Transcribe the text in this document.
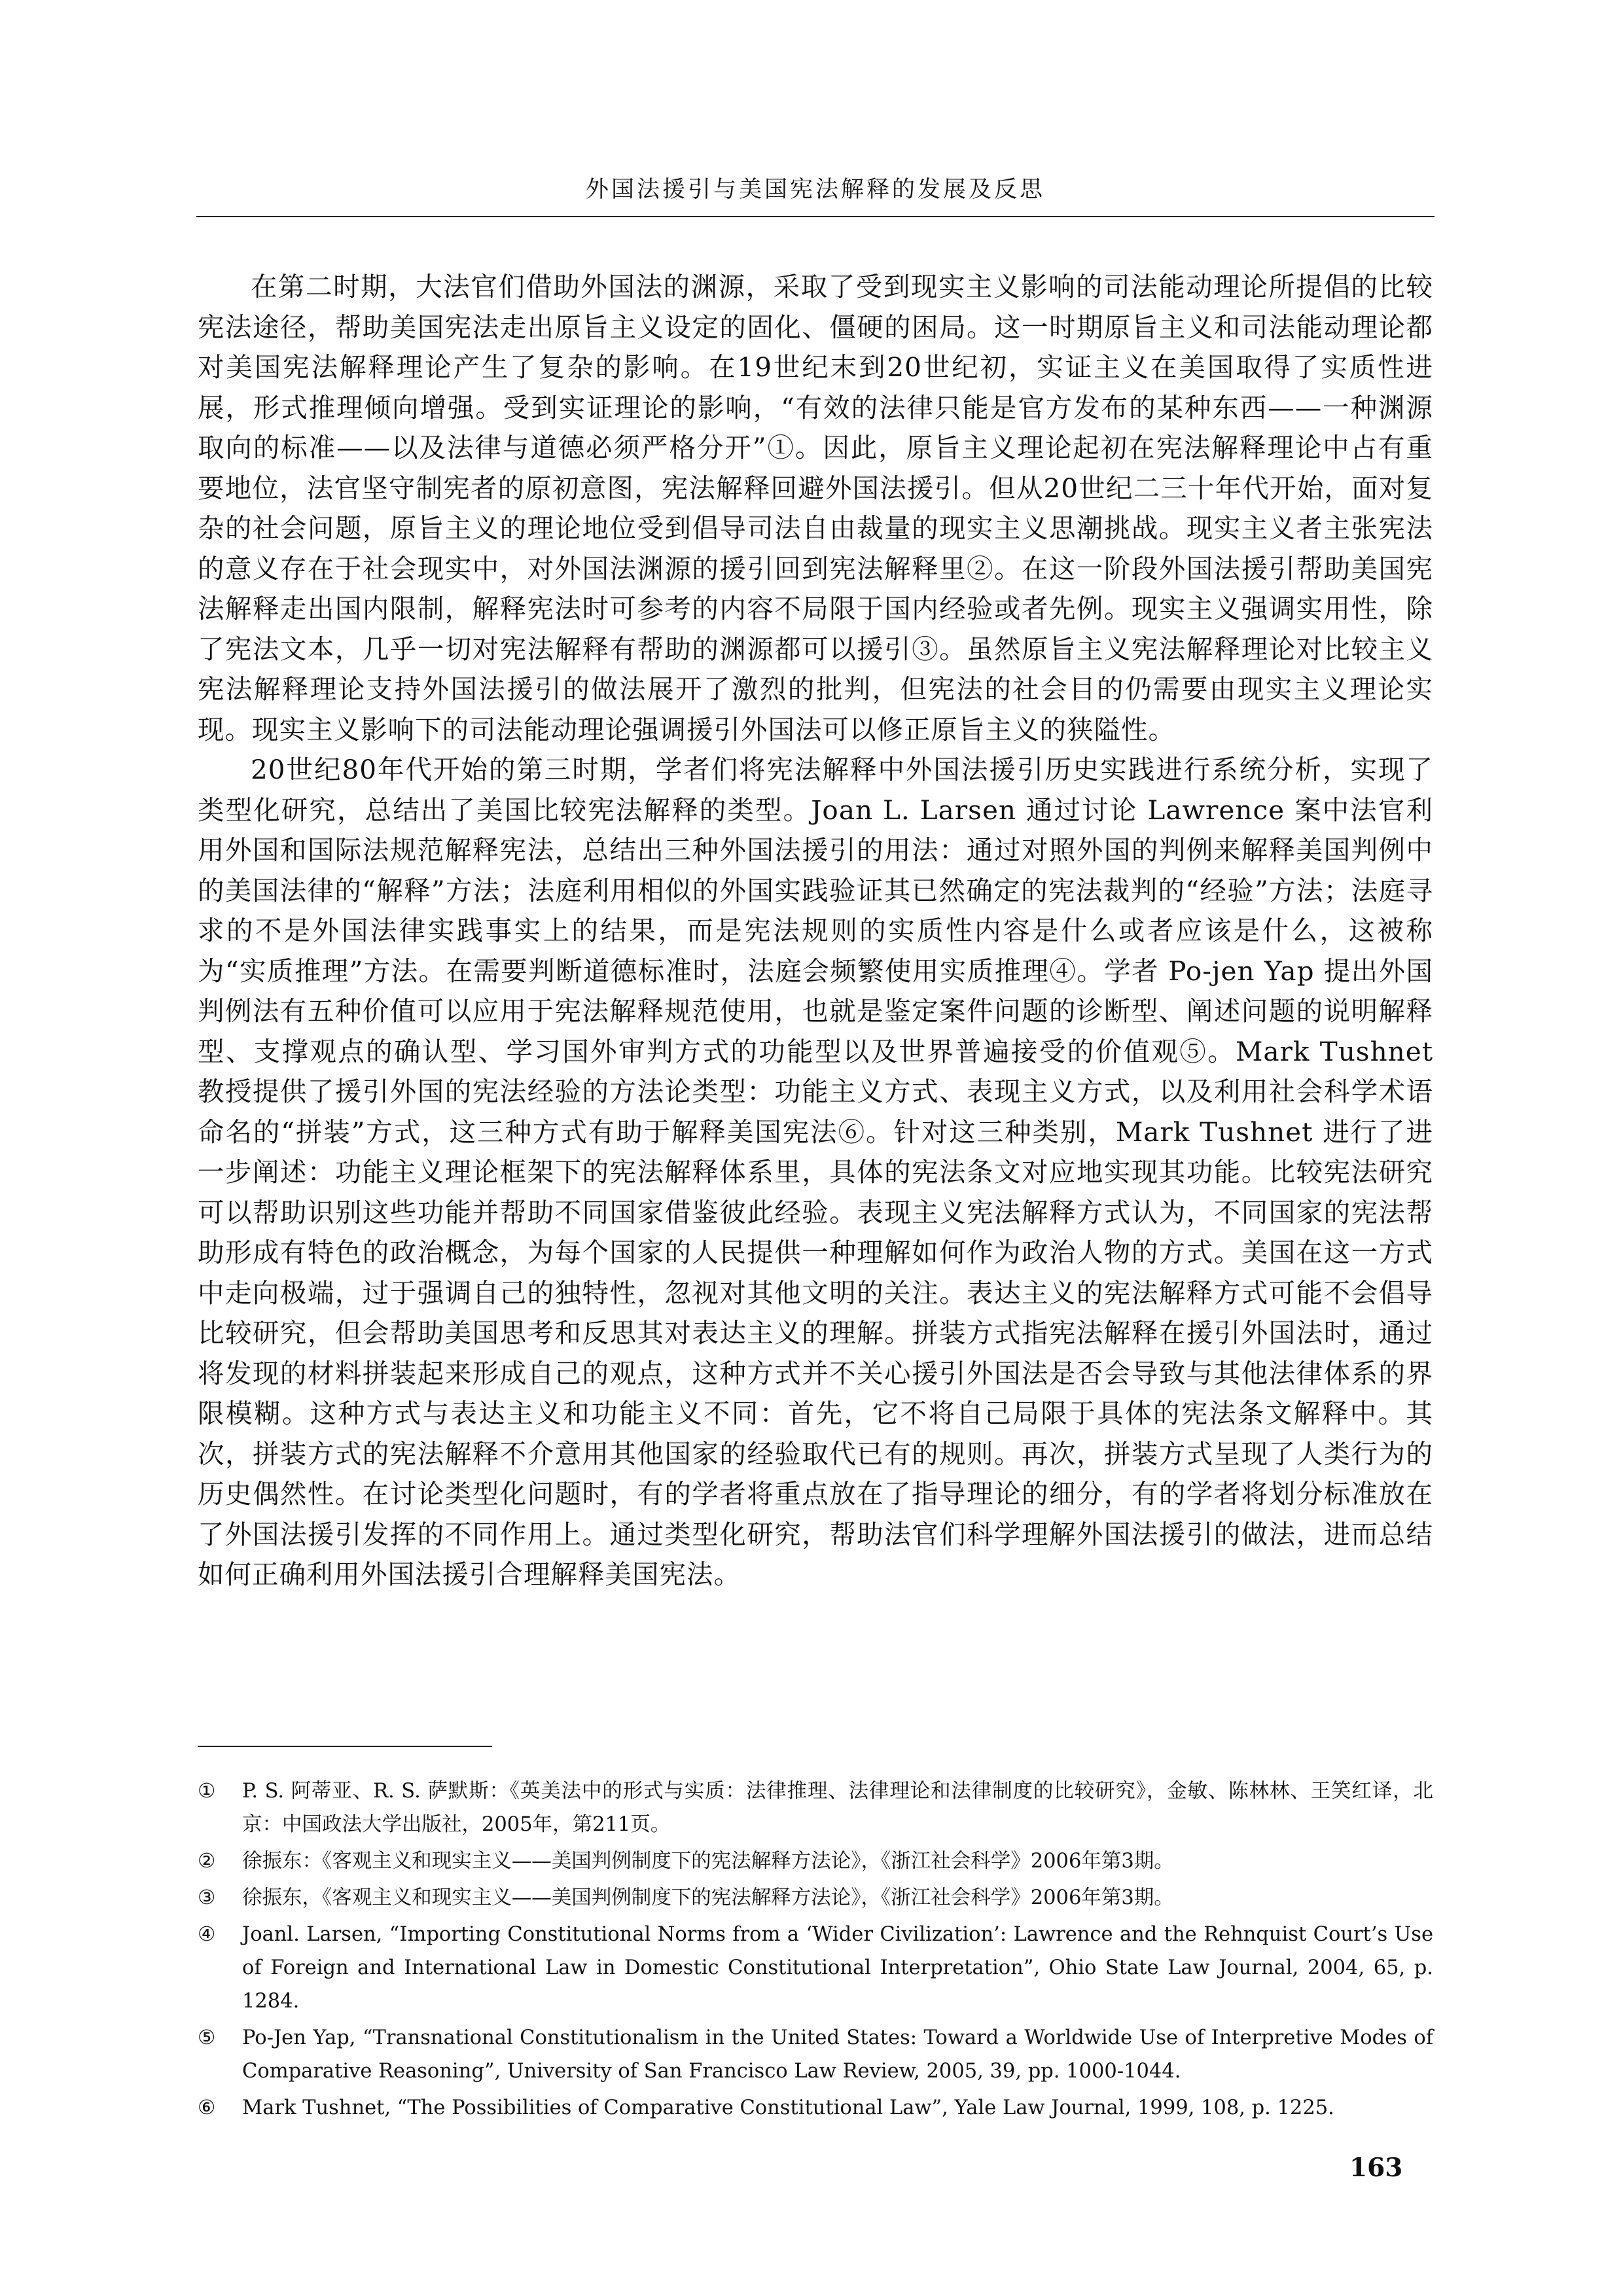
外国法援引与美国宪法解释的发展及反思

在第二时期，大法官们借助外国法的渊源，采取了受到现实主义影响的司法能动理论所提倡的比较宪法途径，帮助美国宪法走出原旨主义设定的固化、僵硬的困局。这一时期原旨主义和司法能动理论都对美国宪法解释理论产生了复杂的影响。在19世纪末到20世纪初，实证主义在美国取得了实质性进展，形式推理倾向增强。受到实证理论的影响，“有效的法律只能是官方发布的某种东西——一种渊源取向的标准——以及法律与道德必须严格分开”①。因此，原旨主义理论起初在宪法解释理论中占有重要地位，法官坚守制宪者的原初意图，宪法解释回避外国法援引。但从20世纪二三十年代开始，面对复杂的社会问题，原旨主义的理论地位受到倡导司法自由裁量的现实主义思潮挑战。现实主义者主张宪法的意义存在于社会现实中，对外国法渊源的援引回到宪法解释里②。在这一阶段外国法援引帮助美国宪法解释走出国内限制，解释宪法时可参考的内容不局限于国内经验或者先例。现实主义强调实用性，除了宪法文本，几乎一切对宪法解释有帮助的渊源都可以援引③。虽然原旨主义宪法解释理论对比较主义宪法解释理论支持外国法援引的做法展开了激烈的批判，但宪法的社会目的仍需要由现实主义理论实现。现实主义影响下的司法能动理论强调援引外国法可以修正原旨主义的狭隘性。

20世纪80年代开始的第三时期，学者们将宪法解释中外国法援引历史实践进行系统分析，实现了类型化研究，总结出了美国比较宪法解释的类型。Joan L. Larsen 通过讨论 Lawrence 案中法官利用外国和国际法规范解释宪法，总结出三种外国法援引的用法：通过对照外国的判例来解释美国判例中的美国法律的“解释”方法；法庭利用相似的外国实践验证其已然确定的宪法裁判的“经验”方法；法庭寻求的不是外国法律实践事实上的结果，而是宪法规则的实质性内容是什么或者应该是什么，这被称为“实质推理”方法。在需要判断道德标准时，法庭会频繁使用实质推理④。学者 Po-jen Yap 提出外国判例法有五种价值可以应用于宪法解释规范使用，也就是鉴定案件问题的诊断型、阐述问题的说明解释型、支撑观点的确认型、学习国外审判方式的功能型以及世界普遍接受的价值观⑤。Mark Tushnet 教授提供了援引外国的宪法经验的方法论类型：功能主义方式、表现主义方式，以及利用社会科学术语命名的“拼装”方式，这三种方式有助于解释美国宪法⑥。针对这三种类别，Mark Tushnet 进行了进一步阐述：功能主义理论框架下的宪法解释体系里，具体的宪法条文对应地实现其功能。比较宪法研究可以帮助识别这些功能并帮助不同国家借鉴彼此经验。表现主义宪法解释方式认为，不同国家的宪法帮助形成有特色的政治概念，为每个国家的人民提供一种理解如何作为政治人物的方式。美国在这一方式中走向极端，过于强调自己的独特性，忽视对其他文明的关注。表达主义的宪法解释方式可能不会倡导比较研究，但会帮助美国思考和反思其对表达主义的理解。拼装方式指宪法解释在援引外国法时，通过将发现的材料拼装起来形成自己的观点，这种方式并不关心援引外国法是否会导致与其他法律体系的界限模糊。这种方式与表达主义和功能主义不同：首先，它不将自己局限于具体的宪法条文解释中。其次，拼装方式的宪法解释不介意用其他国家的经验取代已有的规则。再次，拼装方式呈现了人类行为的历史偶然性。在讨论类型化问题时，有的学者将重点放在了指导理论的细分，有的学者将划分标准放在了外国法援引发挥的不同作用上。通过类型化研究，帮助法官们科学理解外国法援引的做法，进而总结如何正确利用外国法援引合理解释美国宪法。

① P. S. 阿蒂亚、R. S. 萨默斯：《英美法中的形式与实质：法律推理、法律理论和法律制度的比较研究》，金敏、陈林林、王笑红译，北京：中国政法大学出版社，2005年，第211页。
② 徐振东：《客观主义和现实主义——美国判例制度下的宪法解释方法论》，《浙江社会科学》2006年第3期。
③ 徐振东，《客观主义和现实主义——美国判例制度下的宪法解释方法论》，《浙江社会科学》2006年第3期。
④ Joanl. Larsen, “Importing Constitutional Norms from a ‘Wider Civilization’: Lawrence and the Rehnquist Court’s Use of Foreign and International Law in Domestic Constitutional Interpretation”, Ohio State Law Journal, 2004, 65, p. 1284.
⑤ Po-Jen Yap, “Transnational Constitutionalism in the United States: Toward a Worldwide Use of Interpretive Modes of Comparative Reasoning”, University of San Francisco Law Review, 2005, 39, pp. 1000-1044.
⑥ Mark Tushnet, “The Possibilities of Comparative Constitutional Law”, Yale Law Journal, 1999, 108, p. 1225.
163
